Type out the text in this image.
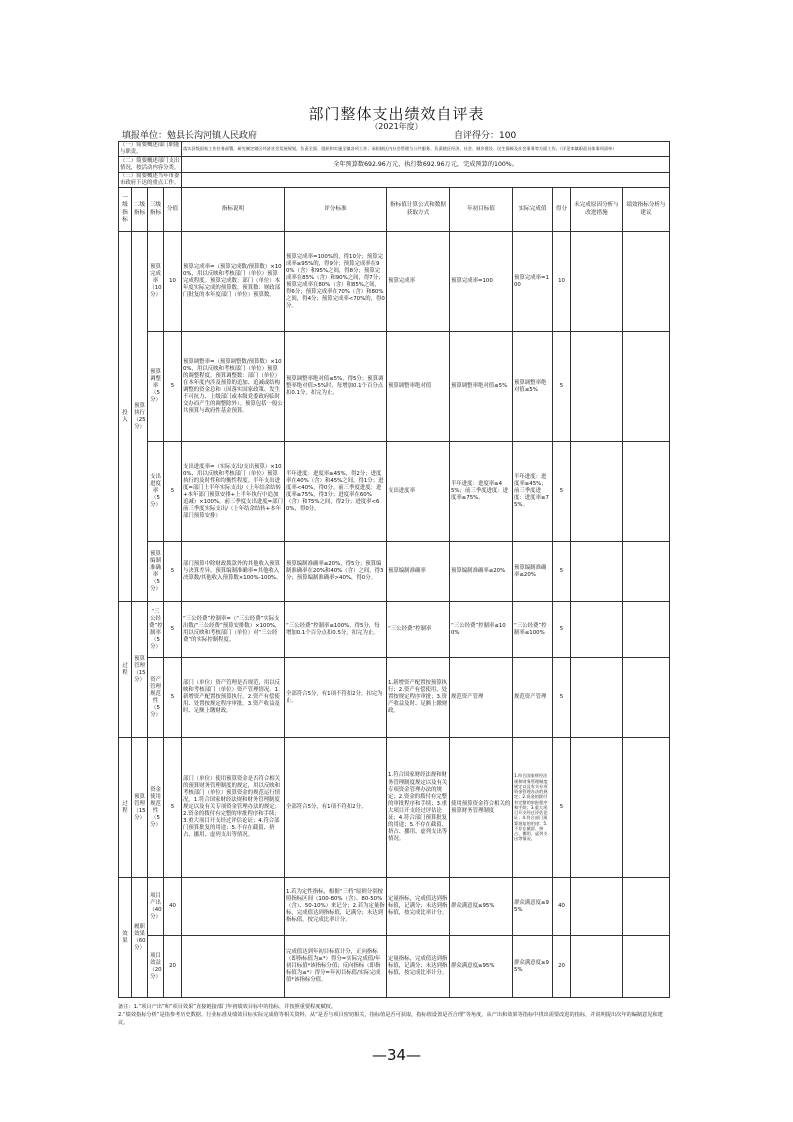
部门整体支出绩效自评表
（2021年度）
填报单位：勉县长沟河镇人民政府	自评得分：100
（一）简要概述部门职能与职责。				落实县级国家工作任务部署，研究制定辖区经济社会发展规划，负责全面、组织和实施全镇各项工作；承担辖区内社会管理与公共服务、负责辖区经济、社会、城乡建设、民生保障及社会事务等方面工作。（详见本镇职责具体事项清单）							
（二）简要概述部门支出情况，按活动内容分类。				全年预算数692.96万元，执行数692.96万元，完成预算的100%。							
（三）简要概述当年市委市政府下达的重点工作。											
一级指标	二级指标	三级指标	分值	指标说明	评分标准	指标值计算公式和数据获取方式	年初目标值	实际完成值	得分	未完成原因分析与改进措施	绩效指标分析与建议
投入	预算执行（25分）	预算完成率（10分）	10	预算完成率=（预算完成数/预算数）×100%，用以反映和考核部门（单位）预算完成程度。预算完成数：部门（单位）本年度实际完成的预算数。预算数：财政部门批复的本年度部门（单位）预算数。	预算完成率=100%的，得10分；预算完成率≥95%的，得9分；预算完成率在90%（含）和95%之间，得8分；预算完成率在85%（含）和90%之间，得7分；预算完成率在80%（含）和85%之间，得6分；预算完成率在70%（含）和80%之间，得4分；预算完成率<70%的，得0分。	预算完成率	预算完成率=100	预算完成率=100	10		
		预算调整率（5分）	5	预算调整率=（预算调整数/预算数）×100%，用以反映和考核部门（单位）预算的调整程度。预算调整数：部门（单位）在本年度内涉及预算的追加、追减或结构调整的资金总和（因落实国家政策、发生不可抗力、上级部门或本级党委政府临时交办而产生的调整除外）。预算包括一般公共预算与政府性基金预算。	预算调整率绝对值≤5%，得5分；预算调整率绝对值>5%时，每增加0.1个百分点扣0.1分，扣完为止。	预算调整率绝对值	预算调整率绝对值≤5%	预算调整率绝对值≤5%	5		
		支出进度率（5分）	5	支出进度率=（实际支出/支出预算）×100%，用以反映和考核部门（单位）预算执行的及时性和均衡性程度。半年支出进度=部门上半年实际支出/（上年结余结转+本年部门预算安排+上半年执行中追加追减）×100%。前三季度支出进度=部门前三季度实际支出/（上年结余结转+本年部门预算安排）	半年进度：进度率≥45%，得2分；进度率在40%（含）和45%之间，得1分；进度率<40%，得0分。前三季度进度：进度率≥75%，得3分；进度率在60%（含）和75%之间，得2分；进度率<60%，得0分。	支出进度率	半年进度：进度率≥45%；前三季度进度：进度率≥75%。	半年进度：进度率≥45%；前三季度进度：进度率≥75%。	5		
		预算编制准确率（5分）	5	部门预算中除财政拨款外的其他收入预算与决算差异。预算编制准确率=其他收入决算数/其他收入预算数×100%-100%。	预算编制准确率≤20%，得5分；预算编制准确率在20%和40%（含）之间，得3分；预算编制准确率>40%，得0分。	预算编制准确率	预算编制准确率≤20%	预算编制准确率≤20%	5		
过程	预算管理（15分）	“三公经费”控制率（5分）	5	“三公经费”控制率=（“三公经费”实际支出数/“三公经费”预算安排数）×100%，用以反映和考核部门（单位）对“三公经费”的实际控制程度。	“三公经费”控制率≤100%，得5分，每增加0.1个百分点扣0.5分，扣完为止。	“三公经费”控制率	“三公经费”控制率≤100%	“三公经费”控制率≤100%	5		
		资产管理规范性（5分）	5	部门（单位）资产管理是否规范，用以反映和考核部门（单位）资产管理情况。1.新增资产配置按预算执行。2.资产有偿使用、处置按规定程序审批。3.资产收益及时、足额上缴财政。	全部符合5分，有1项不符扣2分，扣完为止。	1.新增资产配置按预算执行；2.资产有偿使用、处置按规定程序审批；3.资产收益及时、足额上缴财政。	规范资产管理	规范资产管理	5		
过程	预算管理（15分）	资金使用规范性（5分）	5	部门（单位）使用预算资金是否符合相关的预算财务管理制度的规定，用以反映和考核部门（单位）预算资金的规范运行情况。1.符合国家财经法规和财务管理制度规定以及有关专项资金管理办法的规定；2.资金的拨付有完整的审批程序和手续；3.重大项目开支经过评估论证；4.符合部门预算批复的用途；5.不存在截留、挤占、挪用、虚列支出等情况。	全部符合5分，有1项不符扣2分。	1.符合国家财经法规和财务管理制度规定以及有关专项资金管理办法的规定；2.资金的拨付有完整的审批程序和手续；3.重大项目开支经过评估论证；4.符合部门预算批复的用途；5.不存在截留、挤占、挪用、虚列支出等情况。	使用预算资金符合相关的预算财务管理制度	1.符合国家财经法规和财务管理制度规定以及有关专项资金管理办法的规定；2.资金的拨付有完整的审批程序和手续；3.重大项目开支经过评估论证；4.符合部门预算批复的用途；5.不存在截留、挤占、挪用、虚列支出等情况。	5		
效果	履职效果（60分）	项目产出（40分）	40		1.若为定性指标，根据“三档”原则分别按照指标区间（100-80%（含）、80-50%（含）、50-10%）来记分；2.若为定量指标，完成值达到指标值，记满分；未达到指标值，按完成比率计分。	定量指标，完成值达到指标值，记满分；未达到指标值，按完成比率计分。	群众满意度≥95%	群众满意度≥95%	40		
		项目效益（20分）	20		完成值达到年初目标值计分，正向指标（即指标值为≥*）得分=实际完成值/年初目标值*该指标分值；反向指标（即指标值为≤*）得分=年初目标值/实际完成值*该指标分值。	定量指标，完成值达到指标值，记满分；未达到指标值，按完成比率计分。	群众满意度≥95%	群众满意度≥95%	20		
备注：1.“项目产出”和“项目效果”直接链接部门年初绩效目标中的指标，并按照重要程度赋权。
2.“绩效指标分析”是指参考历史数据、行业标准及绩效目标实际完成值等相关资料，从“是否与项目密切相关，指标值是否可获取，指标值设置是否合理”等角度，从产出和效果等指标中找出需要改进的指标，并说明提出次年的编制意见和建议。
—34—
